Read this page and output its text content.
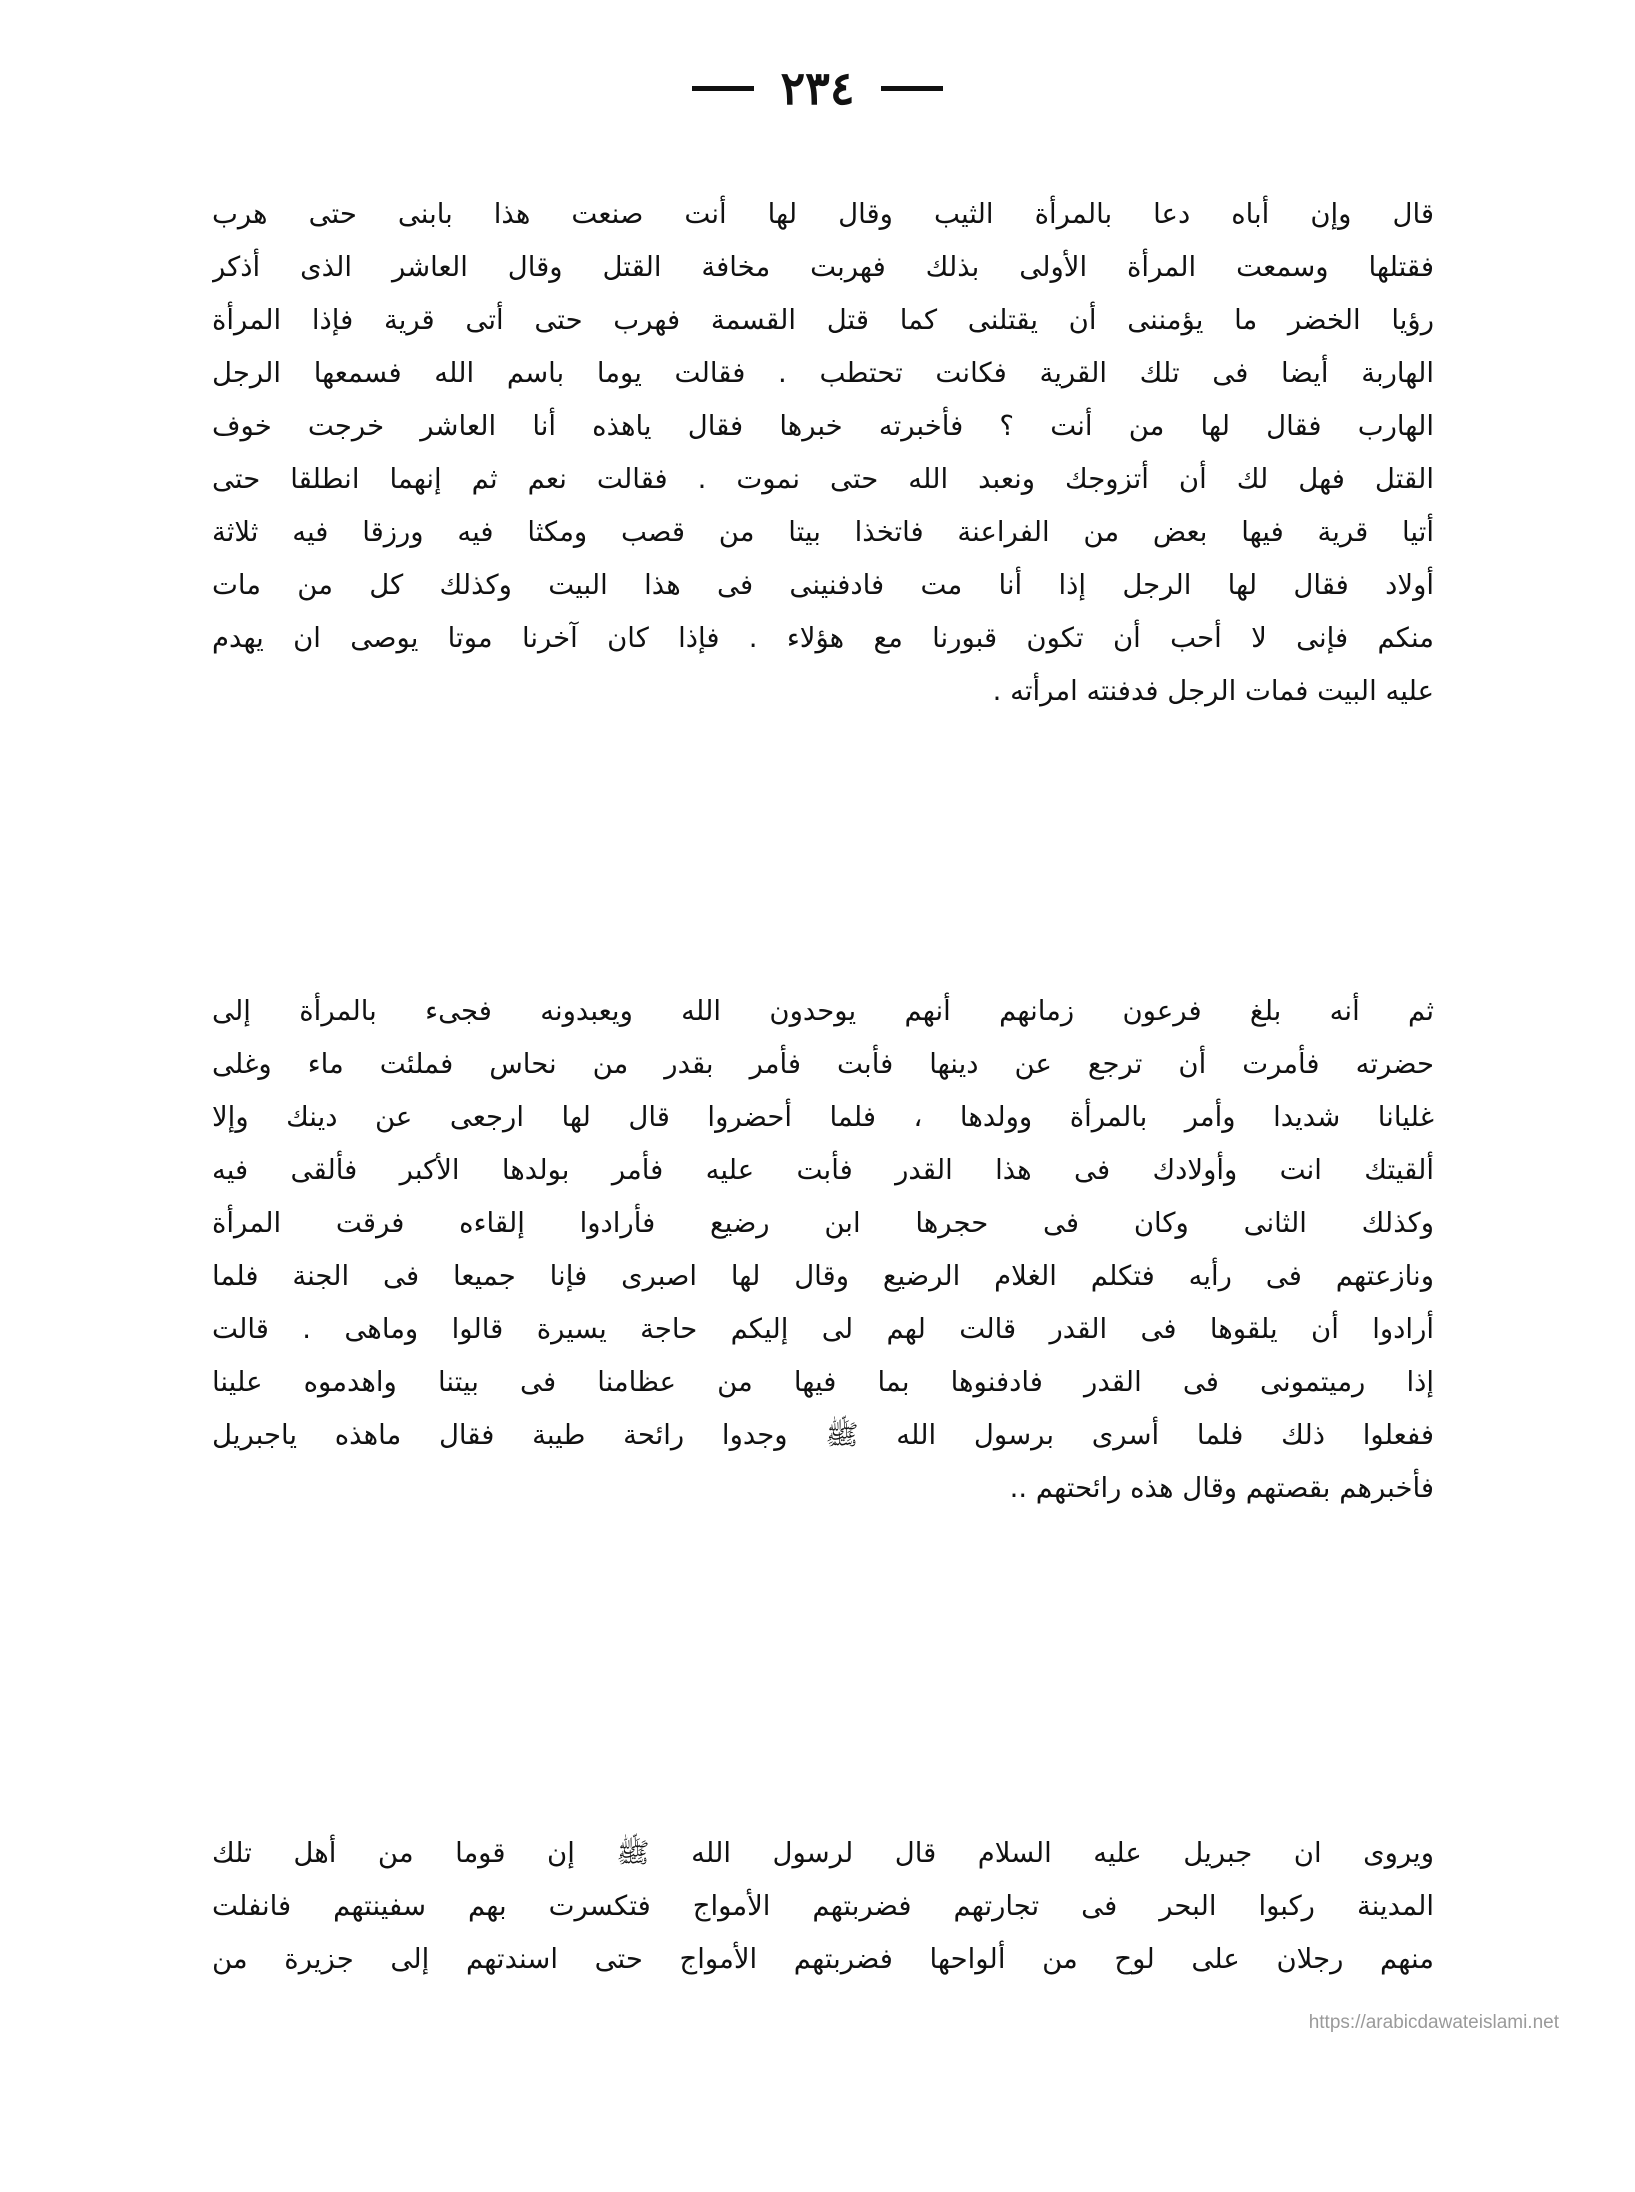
٢٣٤
قال وإن أباه دعا بالمرأة الثيب وقال لها أنت صنعت هذا بابنى حتى هرب
فقتلها وسمعت المرأة الأولى بذلك فهربت مخافة القتل وقال العاشر الذى أذكر
رؤيا الخضر ما يؤمننى أن يقتلنى كما قتل القسمة فهرب حتى أتى قرية فإذا المرأة
الهاربة أيضا فى تلك القرية فكانت تحتطب . فقالت يوما باسم الله فسمعها الرجل
الهارب فقال لها من أنت ؟ فأخبرته خبرها فقال ياهذه أنا العاشر خرجت خوف
القتل فهل لك أن أتزوجك ونعبد الله حتى نموت . فقالت نعم ثم إنهما انطلقا حتى
أتيا قرية فيها بعض من الفراعنة فاتخذا بيتا من قصب ومكثا فيه ورزقا فيه ثلاثة
أولاد فقال لها الرجل إذا أنا مت فادفنينى فى هذا البيت وكذلك كل من مات
منكم فإنى لا أحب أن تكون قبورنا مع هؤلاء . فإذا كان آخرنا موتا يوصى ان يهدم
عليه البيت فمات الرجل فدفنته امرأته .
ثم أنه بلغ فرعون زمانهم أنهم يوحدون الله ويعبدونه فجىء بالمرأة إلى
حضرته فأمرت أن ترجع عن دينها فأبت فأمر بقدر من نحاس فملئت ماء وغلى
غليانا شديدا وأمر بالمرأة وولدها ، فلما أحضروا قال لها ارجعى عن دينك وإلا
ألقيتك انت وأولادك فى هذا القدر فأبت عليه فأمر بولدها الأكبر فألقى فيه
وكذلك الثانى وكان فى حجرها ابن رضيع فأرادوا إلقاءه فرقت المرأة
ونازعتهم فى رأيه فتكلم الغلام الرضيع وقال لها اصبرى فإنا جميعا فى الجنة فلما
أرادوا أن يلقوها فى القدر قالت لهم لى إليكم حاجة يسيرة قالوا وماهى . قالت
إذا رميتمونى فى القدر فادفنوها بما فيها من عظامنا فى بيتنا واهدموه علينا
ففعلوا ذلك فلما أسرى برسول الله ﷺ وجدوا رائحة طيبة فقال ماهذه ياجبريل
فأخبرهم بقصتهم وقال هذه رائحتهم ..
ويروى ان جبريل عليه السلام قال لرسول الله ﷺ إن قوما من أهل تلك
المدينة ركبوا البحر فى تجارتهم فضربتهم الأمواج فتكسرت بهم سفينتهم فانفلت
منهم رجلان على لوح من ألواحها فضربتهم الأمواج حتى اسندتهم إلى جزيرة من
https://arabicdawateislami.net
